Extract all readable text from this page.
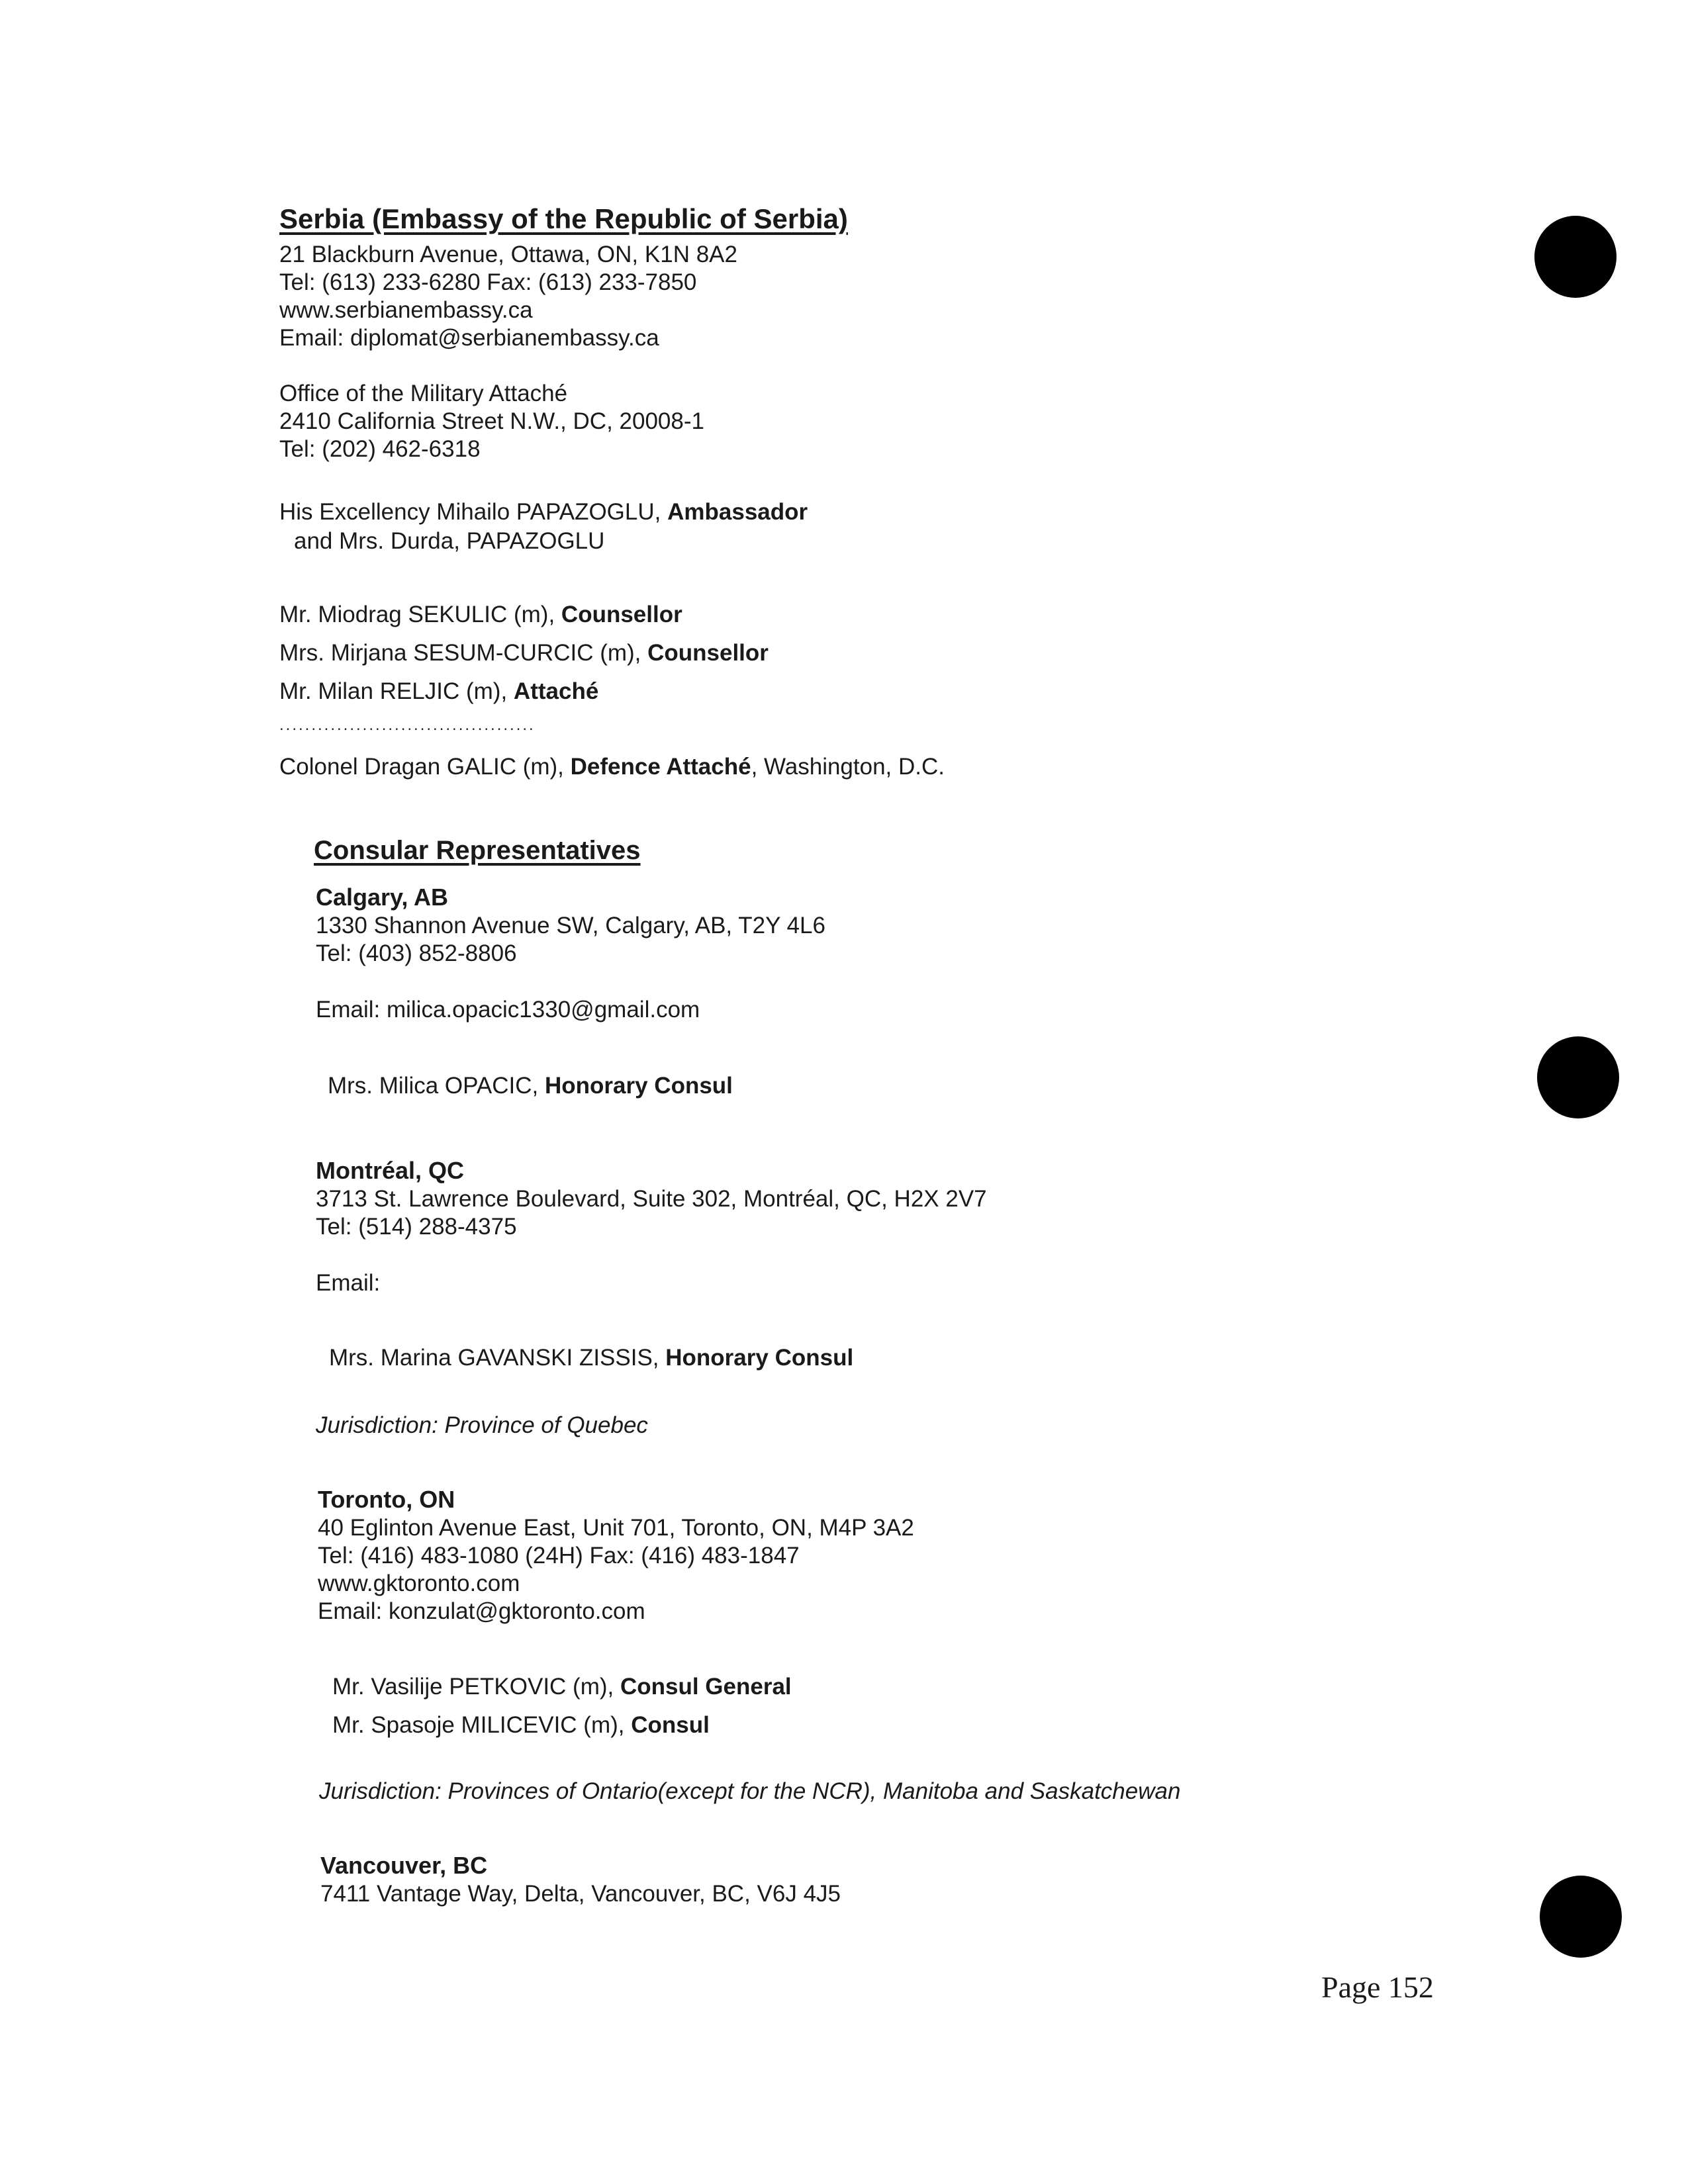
Serbia (Embassy of the Republic of Serbia)
21 Blackburn Avenue, Ottawa, ON, K1N 8A2
Tel: (613) 233-6280 Fax: (613) 233-7850
www.serbianembassy.ca
Email: diplomat@serbianembassy.ca
Office of the Military Attaché
2410 California Street N.W., DC, 20008-1
Tel: (202) 462-6318
His Excellency Mihailo PAPAZOGLU, Ambassador
and Mrs. Durda, PAPAZOGLU
Mr. Miodrag SEKULIC (m), Counsellor
Mrs. Mirjana SESUM-CURCIC (m), Counsellor
Mr. Milan RELJIC (m), Attaché
........................................
Colonel Dragan GALIC (m), Defence Attaché, Washington, D.C.
Consular Representatives
Calgary, AB
1330 Shannon Avenue SW, Calgary, AB, T2Y 4L6
Tel: (403) 852-8806
Email: milica.opacic1330@gmail.com
Mrs. Milica OPACIC, Honorary Consul
Montréal, QC
3713 St. Lawrence Boulevard, Suite 302, Montréal, QC, H2X 2V7
Tel: (514) 288-4375
Email:
Mrs. Marina GAVANSKI ZISSIS, Honorary Consul
Jurisdiction: Province of Quebec
Toronto, ON
40 Eglinton Avenue East, Unit 701, Toronto, ON, M4P 3A2
Tel: (416) 483-1080 (24H) Fax: (416) 483-1847
www.gktoronto.com
Email: konzulat@gktoronto.com
Mr. Vasilije PETKOVIC (m), Consul General
Mr. Spasoje MILICEVIC (m), Consul
Jurisdiction: Provinces of Ontario(except for the NCR), Manitoba and Saskatchewan
Vancouver, BC
7411 Vantage Way, Delta, Vancouver, BC, V6J 4J5
Page 152
